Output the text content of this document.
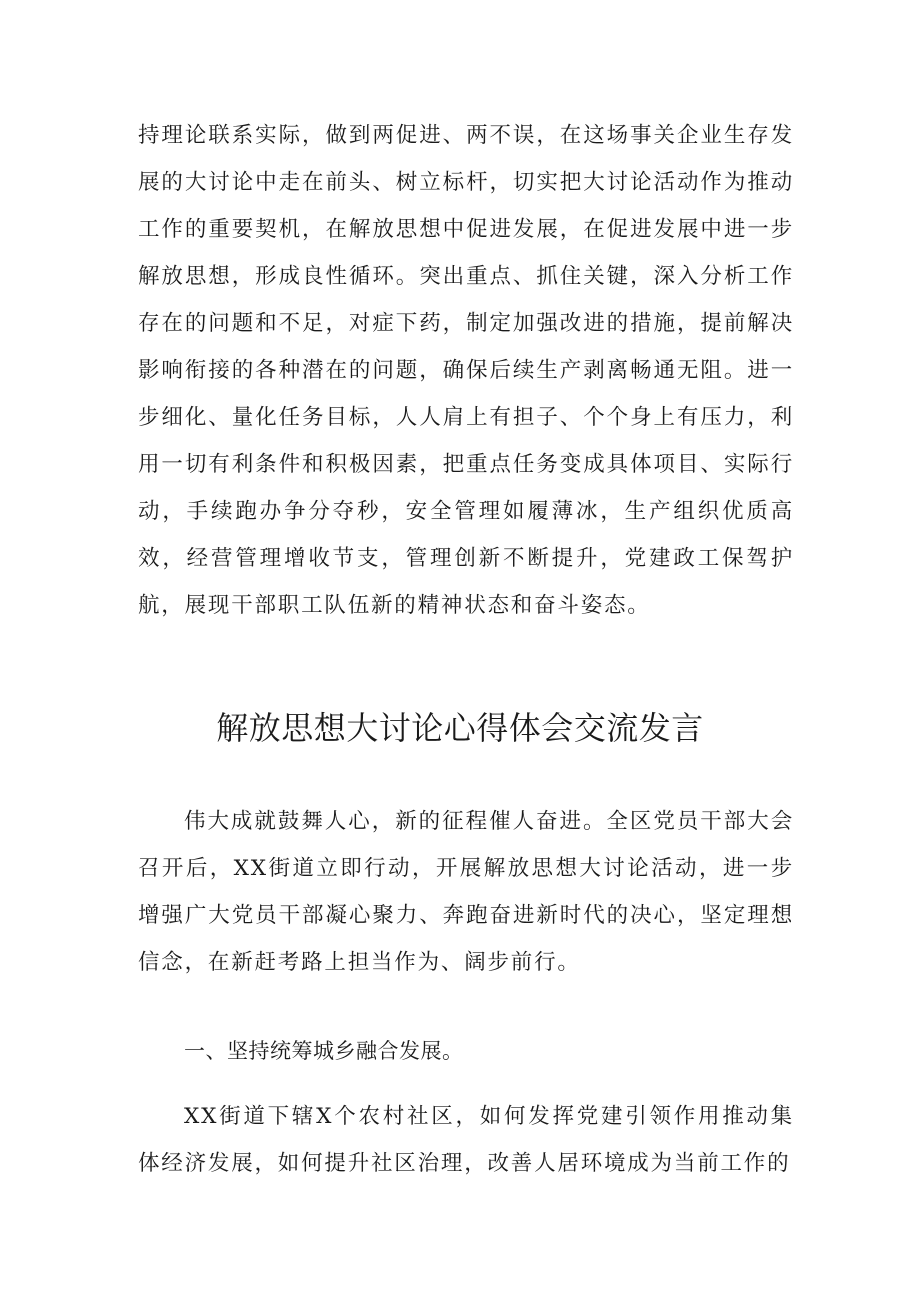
持理论联系实际，做到两促进、两不误，在这场事关企业生存发展的大讨论中走在前头、树立标杆，切实把大讨论活动作为推动工作的重要契机，在解放思想中促进发展，在促进发展中进一步解放思想，形成良性循环。突出重点、抓住关键，深入分析工作存在的问题和不足，对症下药，制定加强改进的措施，提前解决影响衔接的各种潜在的问题，确保后续生产剥离畅通无阻。进一步细化、量化任务目标，人人肩上有担子、个个身上有压力，利用一切有利条件和积极因素，把重点任务变成具体项目、实际行动，手续跑办争分夺秒，安全管理如履薄冰，生产组织优质高效，经营管理增收节支，管理创新不断提升，党建政工保驾护航，展现干部职工队伍新的精神状态和奋斗姿态。

解放思想大讨论心得体会交流发言

伟大成就鼓舞人心，新的征程催人奋进。全区党员干部大会召开后，XX街道立即行动，开展解放思想大讨论活动，进一步增强广大党员干部凝心聚力、奔跑奋进新时代的决心，坚定理想信念，在新赶考路上担当作为、阔步前行。

一、坚持统筹城乡融合发展。

XX街道下辖X个农村社区，如何发挥党建引领作用推动集体经济发展，如何提升社区治理，改善人居环境成为当前工作的
